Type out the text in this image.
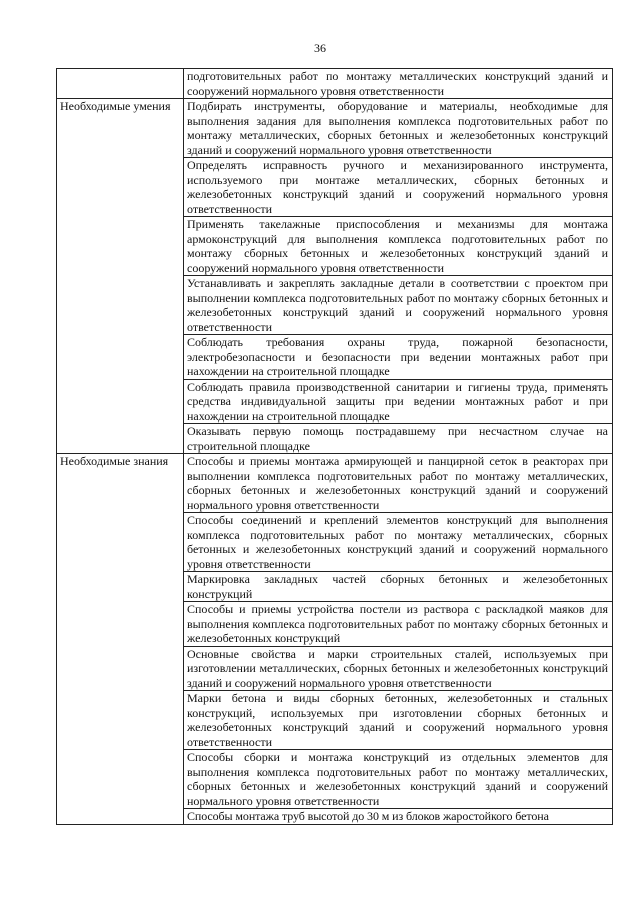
36
	подготовительных работ по монтажу металлических конструкций зданий и сооружений нормального уровня ответственности
Необходимые умения	Подбирать инструменты, оборудование и материалы, необходимые для выполнения задания для выполнения комплекса подготовительных работ по монтажу металлических, сборных бетонных и железобетонных конструкций зданий и сооружений нормального уровня ответственности
	Определять исправность ручного и механизированного инструмента, используемого при монтаже металлических, сборных бетонных и железобетонных конструкций зданий и сооружений нормального уровня ответственности
	Применять такелажные приспособления и механизмы для монтажа армоконструкций для выполнения комплекса подготовительных работ по монтажу сборных бетонных и железобетонных конструкций зданий и сооружений нормального уровня ответственности
	Устанавливать и закреплять закладные детали в соответствии с проектом при выполнении комплекса подготовительных работ по монтажу сборных бетонных и железобетонных конструкций зданий и сооружений нормального уровня ответственности
	Соблюдать требования охраны труда, пожарной безопасности, электробезопасности и безопасности при ведении монтажных работ при нахождении на строительной площадке
	Соблюдать правила производственной санитарии и гигиены труда, применять средства индивидуальной защиты при ведении монтажных работ и при нахождении на строительной площадке
	Оказывать первую помощь пострадавшему при несчастном случае на строительной площадке
Необходимые знания	Способы и приемы монтажа армирующей и панцирной сеток в реакторах при выполнении комплекса подготовительных работ по монтажу металлических, сборных бетонных и железобетонных конструкций зданий и сооружений нормального уровня ответственности
	Способы соединений и креплений элементов конструкций для выполнения комплекса подготовительных работ по монтажу металлических, сборных бетонных и железобетонных конструкций зданий и сооружений нормального уровня ответственности
	Маркировка закладных частей сборных бетонных и железобетонных конструкций
	Способы и приемы устройства постели из раствора с раскладкой маяков для выполнения комплекса подготовительных работ по монтажу сборных бетонных и железобетонных конструкций
	Основные свойства и марки строительных сталей, используемых при изготовлении металлических, сборных бетонных и железобетонных конструкций зданий и сооружений нормального уровня ответственности
	Марки бетона и виды сборных бетонных, железобетонных и стальных конструкций, используемых при изготовлении сборных бетонных и железобетонных конструкций зданий и сооружений нормального уровня ответственности
	Способы сборки и монтажа конструкций из отдельных элементов для выполнения комплекса подготовительных работ по монтажу металлических, сборных бетонных и железобетонных конструкций зданий и сооружений нормального уровня ответственности
	Способы монтажа труб высотой до 30 м из блоков жаростойкого бетона
